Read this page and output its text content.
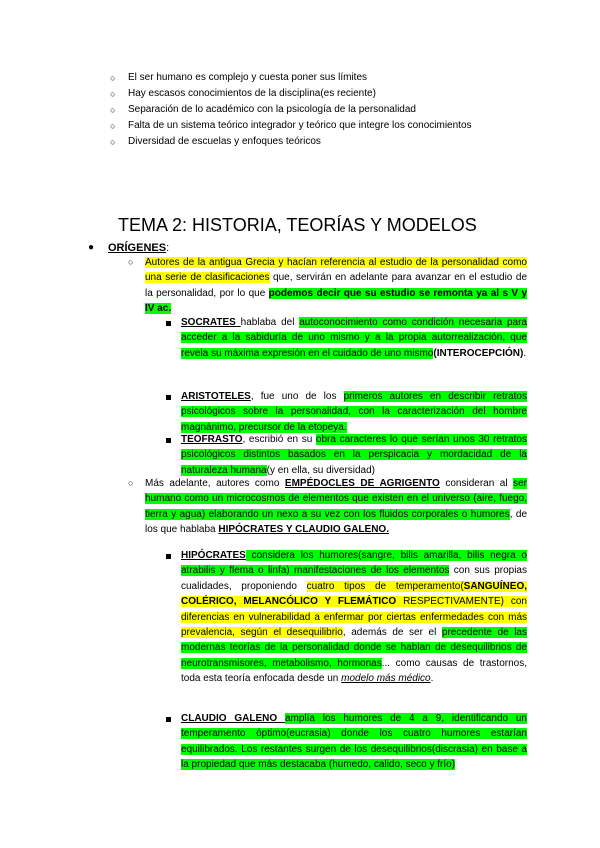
○ El ser humano es complejo y cuesta poner sus límites
○ Hay escasos conocimientos de la disciplina(es reciente)
○ Separación de lo académico con la psicología de la personalidad
○ Falta de un sistema teórico integrador y teórico que integre los conocimientos
○ Diversidad de escuelas y enfoques teóricos
TEMA 2: HISTORIA, TEORÍAS Y MODELOS
● ORÍGENES:
○ Autores de la antigua Grecia y hacían referencia al estudio de la personalidad como una serie de clasificaciones que, servirán en adelante para avanzar en el estudio de la personalidad, por lo que podemos decir que su estudio se remonta ya al s V y IV ac.
SOCRATES hablaba del autoconocimiento como condición necesaria para acceder a la sabiduría de uno mismo y a la propia autorrealización, que revela su máxima expresión en el cuidado de uno mismo(INTEROCEPCIÓN).
ARISTOTELES, fue uno de los primeros autores en describir retratos psicológicos sobre la personalidad, con la caracterización del hombre magnánimo, precursor de la etopeya.
TEOFRASTO, escribió en su obra caracteres lo que serían unos 30 retratos psicológicos distintos basados en la perspicacia y mordacidad de la naturaleza humana(y en ella, su diversidad)
○ Más adelante, autores como EMPÉDOCLES DE AGRIGENTO consideran al ser humano como un microcosmos de elementos que existen en el universo (aire, fuego, tierra y agua) elaborando un nexo a su vez con los fluidos corporales o humores, de los que hablaba HIPÓCRATES Y CLAUDIO GALENO.
HIPÓCRATES considera los humores(sangre, bilis amarilla, bilis negra o atrabilis y flema o linfa) manifestaciones de los elementos con sus propias cualidades, proponiendo cuatro tipos de temperamento(SANGUÍNEO, COLÉRICO, MELANCÓLICO Y FLEMÁTICO RESPECTIVAMENTE) con diferencias en vulnerabilidad a enfermar por ciertas enfermedades con más prevalencia, según el desequilibrio, además de ser el precedente de las modernas teorías de la personalidad donde se hablan de desequilibrios de neurotransmisores, metabolismo, hormonas... como causas de trastornos, toda esta teoría enfocada desde un modelo más médico.
CLAUDIO GALENO amplía los humores de 4 a 9, identificando un temperamento óptimo(eucrasia) donde los cuatro humores estarían equilibrados. Los restantes surgen de los desequilibrios(discrasia) en base a la propiedad que más destacaba (humedo, calido, seco y frío)
